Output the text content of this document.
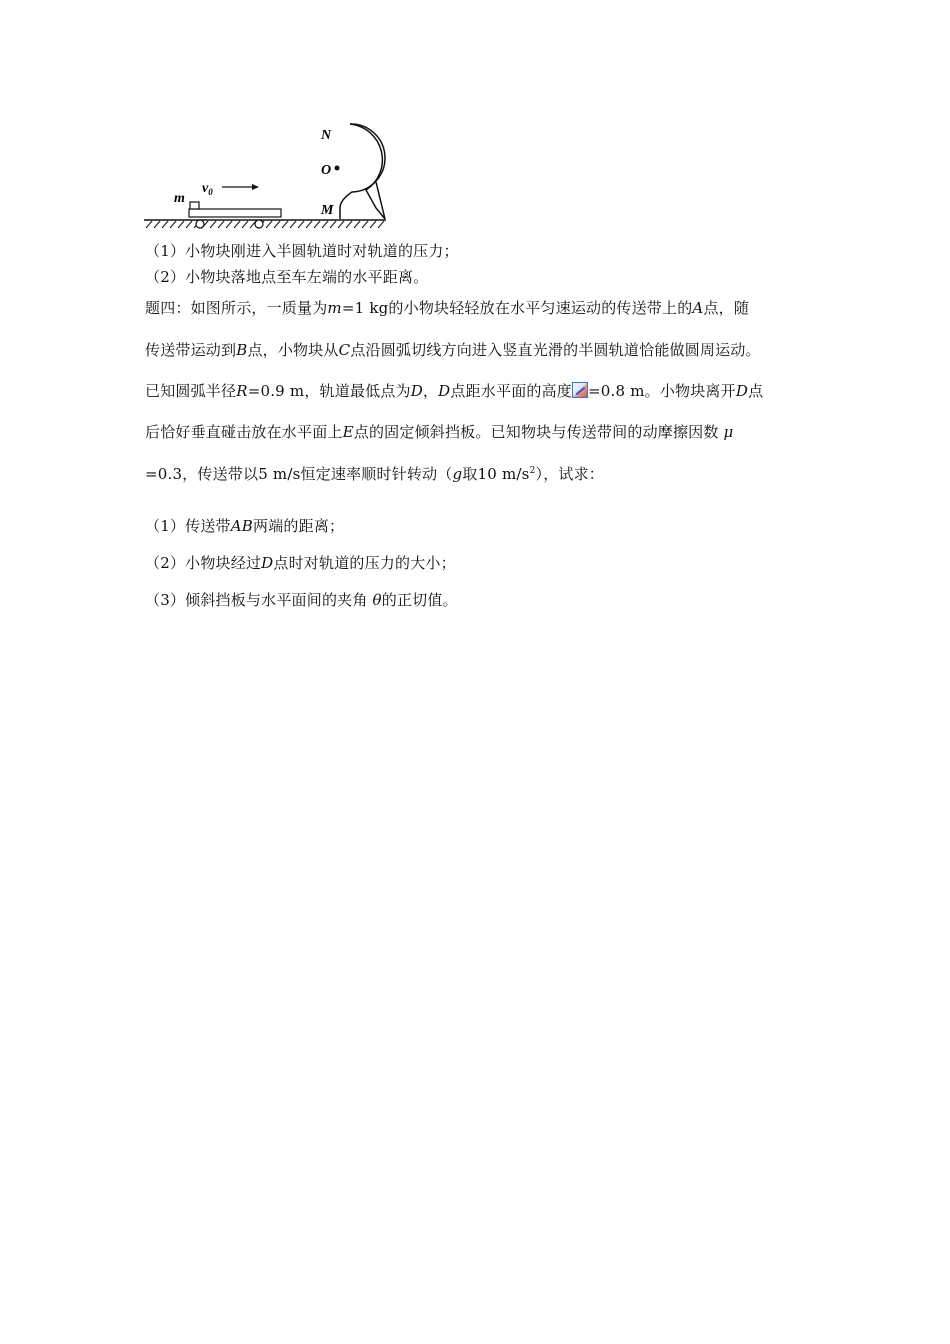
m
$v_0$
N
O
M
（1）小物块刚进入半圆轨道时对轨道的压力；
（2）小物块落地点至车左端的水平距离。
题四：如图所示，一质量为m=1 kg的小物块轻轻放在水平匀速运动的传送带上的A点，随
传送带运动到B点，小物块从C点沿圆弧切线方向进入竖直光滑的半圆轨道恰能做圆周运动。
已知圆弧半径R=0.9 m，轨道最低点为D，D点距水平面的高度 =0.8 m。小物块离开D点
后恰好垂直碰击放在水平面上E点的固定倾斜挡板。已知物块与传送带间的动摩擦因数 μ
=0.3，传送带以5 m/s恒定速率顺时针转动（g取10 $m/s^2$），试求：
（1）传送带AB两端的距离；
（2）小物块经过D点时对轨道的压力的大小；
（3）倾斜挡板与水平面间的夹角 θ的正切值。
